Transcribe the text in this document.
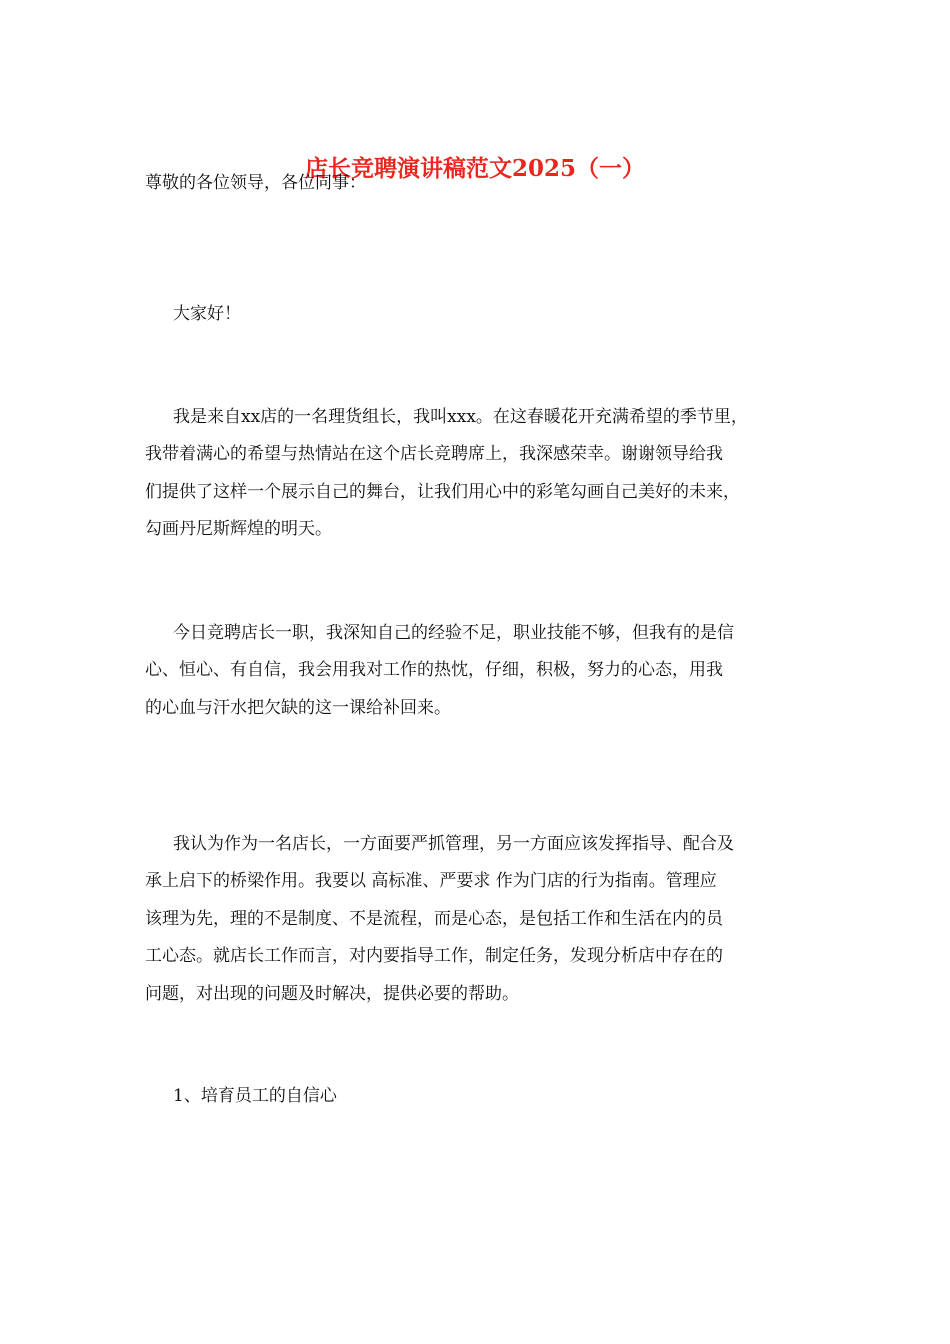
店长竞聘演讲稿范文2025（一）
尊敬的各位领导，各位同事：
大家好！
我是来自xx店的一名理货组长，我叫xxx。在这春暖花开充满希望的季节里，
我带着满心的希望与热情站在这个店长竞聘席上，我深感荣幸。谢谢领导给我
们提供了这样一个展示自己的舞台，让我们用心中的彩笔勾画自己美好的未来，
勾画丹尼斯辉煌的明天。
今日竞聘店长一职，我深知自己的经验不足，职业技能不够，但我有的是信
心、恒心、有自信，我会用我对工作的热忱，仔细，积极，努力的心态，用我
的心血与汗水把欠缺的这一课给补回来。
我认为作为一名店长，一方面要严抓管理，另一方面应该发挥指导、配合及
承上启下的桥梁作用。我要以 高标准、严要求 作为门店的行为指南。管理应
该理为先，理的不是制度、不是流程，而是心态，是包括工作和生活在内的员
工心态。就店长工作而言，对内要指导工作，制定任务，发现分析店中存在的
问题，对出现的问题及时解决，提供必要的帮助。
1、培育员工的自信心
